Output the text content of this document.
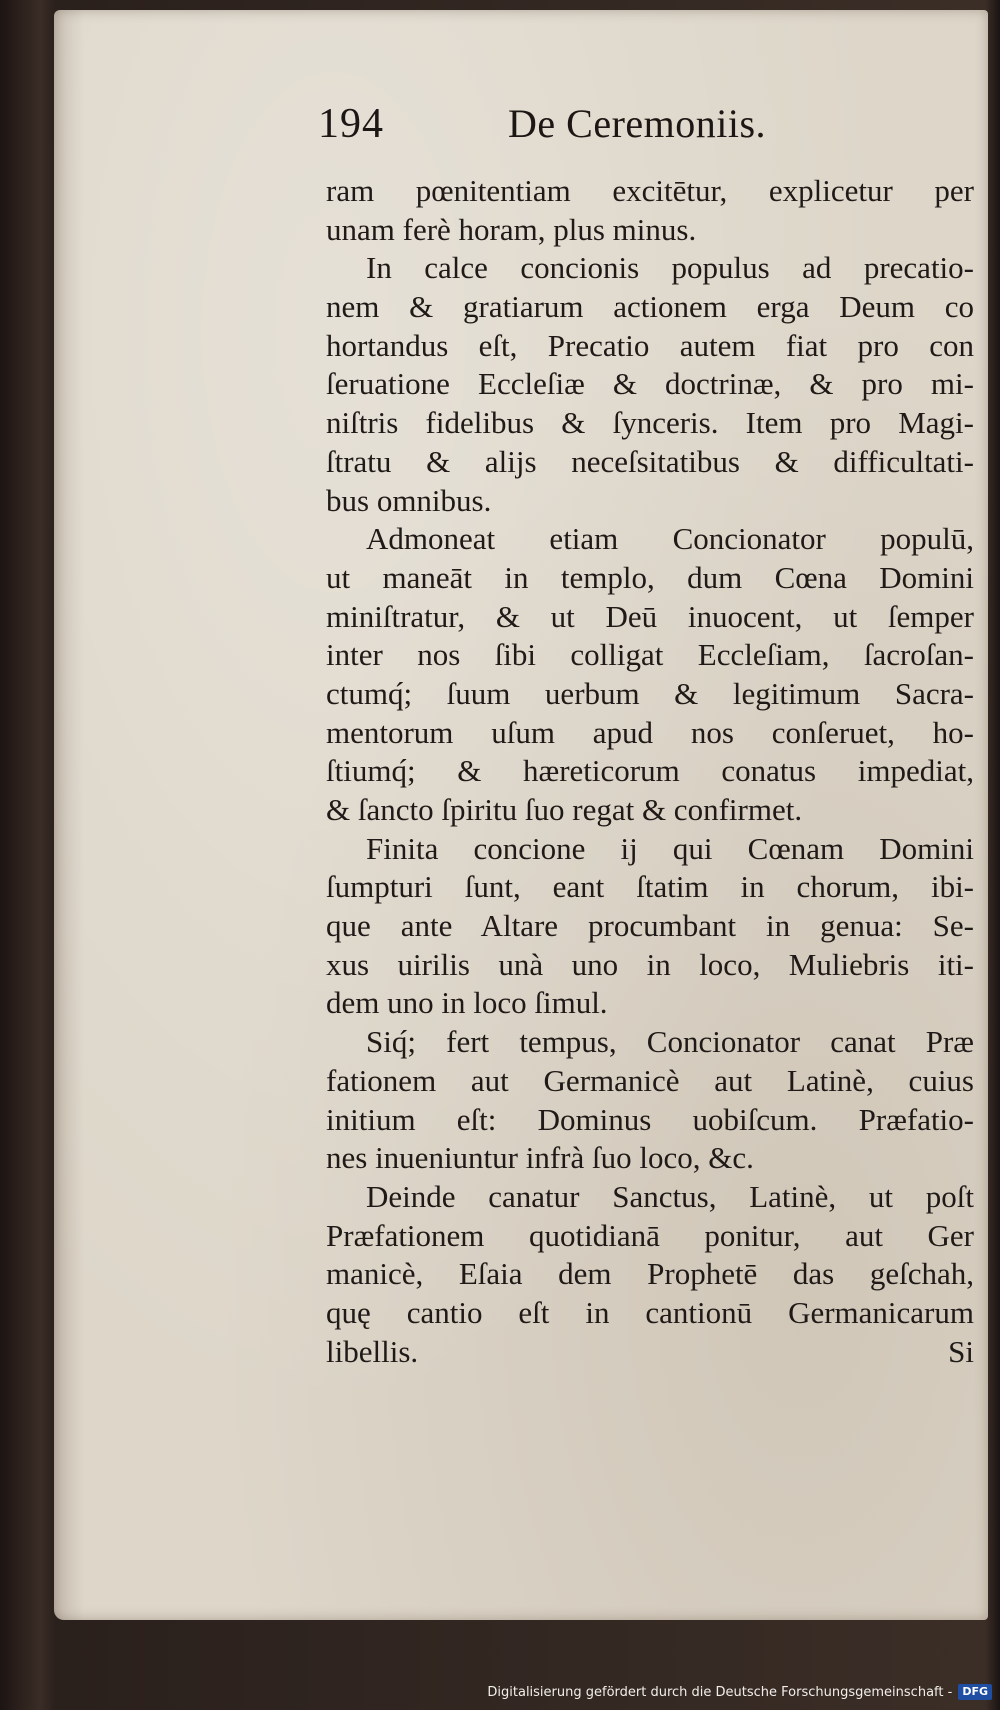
194	De Ceremoniis.
ram pœnitentiam excitētur, explicetur per
unam ferè horam, plus minus.
In calce concionis populus ad precatio-
nem & gratiarum actionem erga Deum co
hortandus eſt, Precatio autem fiat pro con
ſeruatione Eccleſiæ & doctrinæ, & pro mi-
niſtris fidelibus & ſynceris. Item pro Magi-
ſtratu & alijs neceſsitatibus & difficultati-
bus omnibus.
Admoneat etiam Concionator populū,
ut maneāt in templo, dum Cœna Domini
miniſtratur, & ut Deū inuocent, ut ſemper
inter nos ſibi colligat Eccleſiam, ſacroſan-
ctumq́; ſuum uerbum & legitimum Sacra-
mentorum uſum apud nos conſeruet, ho-
ſtiumq́; & hæreticorum conatus impediat,
& ſancto ſpiritu ſuo regat & confirmet.
Finita concione ij qui Cœnam Domini
ſumpturi ſunt, eant ſtatim in chorum, ibi-
que ante Altare procumbant in genua: Se-
xus uirilis unà uno in loco, Muliebris iti-
dem uno in loco ſimul.
Siq́; fert tempus, Concionator canat Præ
fationem aut Germanicè aut Latinè, cuius
initium eſt: Dominus uobiſcum. Præfatio-
nes inueniuntur infrà ſuo loco, &c.
Deinde canatur Sanctus, Latinè, ut poſt
Præfationem quotidianā ponitur, aut Ger
manicè, Eſaia dem Prophetē das geſchah,
quę cantio eſt in cantionū Germanicarum
libellis.	Si
Digitalisierung gefördert durch die Deutsche Forschungsgemeinschaft - DFG
